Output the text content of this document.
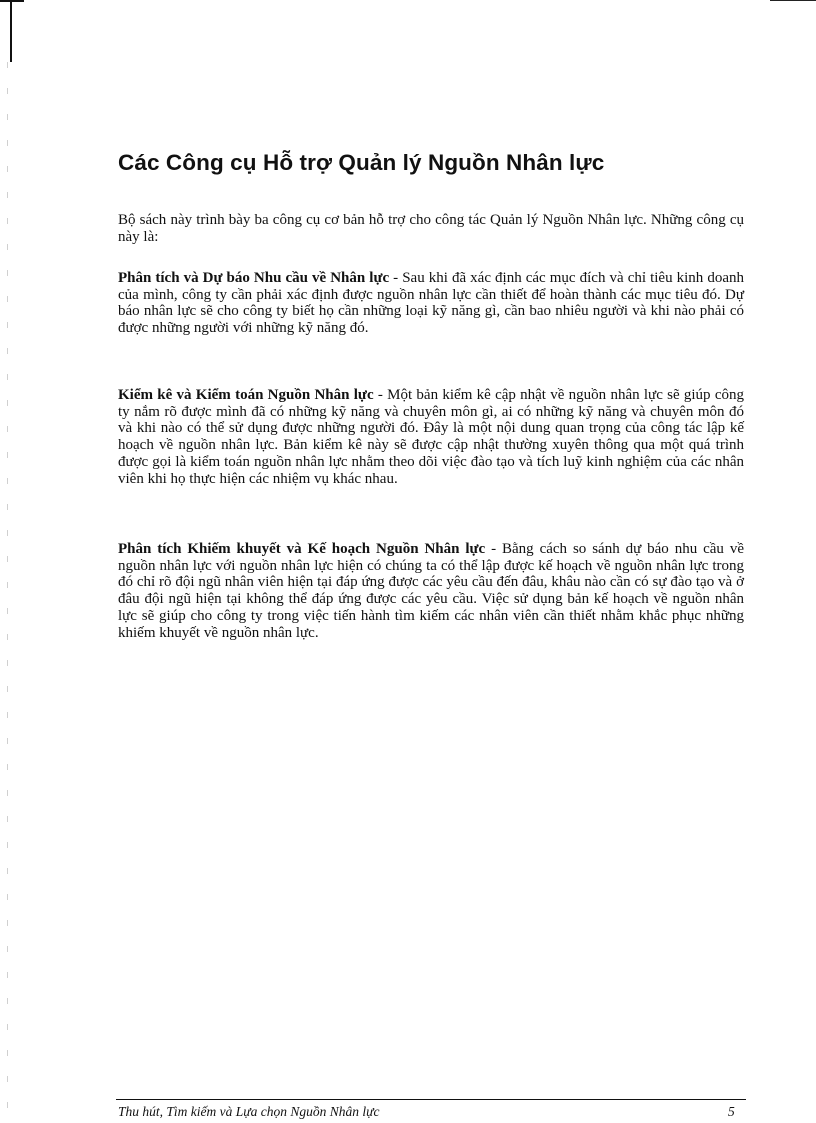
Các Công cụ Hỗ trợ Quản lý Nguồn Nhân lực

Bộ sách này trình bày ba công cụ cơ bản hỗ trợ cho công tác Quản lý Nguồn Nhân lực. Những công cụ này là:

Phân tích và Dự báo Nhu cầu về Nhân lực - Sau khi đã xác định các mục đích và chỉ tiêu kinh doanh của mình, công ty cần phải xác định được nguồn nhân lực cần thiết để hoàn thành các mục tiêu đó. Dự báo nhân lực sẽ cho công ty biết họ cần những loại kỹ năng gì, cần bao nhiêu người và khi nào phải có được những người với những kỹ năng đó.

Kiểm kê và Kiểm toán Nguồn Nhân lực - Một bản kiểm kê cập nhật về nguồn nhân lực sẽ giúp công ty nắm rõ được mình đã có những kỹ năng và chuyên môn gì, ai có những kỹ năng và chuyên môn đó và khi nào có thể sử dụng được những người đó. Đây là một nội dung quan trọng của công tác lập kế hoạch về nguồn nhân lực. Bản kiểm kê này sẽ được cập nhật thường xuyên thông qua một quá trình được gọi là kiểm toán nguồn nhân lực nhằm theo dõi việc đào tạo và tích luỹ kinh nghiệm của các nhân viên khi họ thực hiện các nhiệm vụ khác nhau.

Phân tích Khiếm khuyết và Kế hoạch Nguồn Nhân lực - Bằng cách so sánh dự báo nhu cầu về nguồn nhân lực với nguồn nhân lực hiện có chúng ta có thể lập được kế hoạch về nguồn nhân lực trong đó chỉ rõ đội ngũ nhân viên hiện tại đáp ứng được các yêu cầu đến đâu, khâu nào cần có sự đào tạo và ở đâu đội ngũ hiện tại không thể đáp ứng được các yêu cầu. Việc sử dụng bản kế hoạch về nguồn nhân lực sẽ giúp cho công ty trong việc tiến hành tìm kiếm các nhân viên cần thiết nhằm khắc phục những khiếm khuyết về nguồn nhân lực.

Thu hút, Tìm kiếm và Lựa chọn Nguồn Nhân lực	5
